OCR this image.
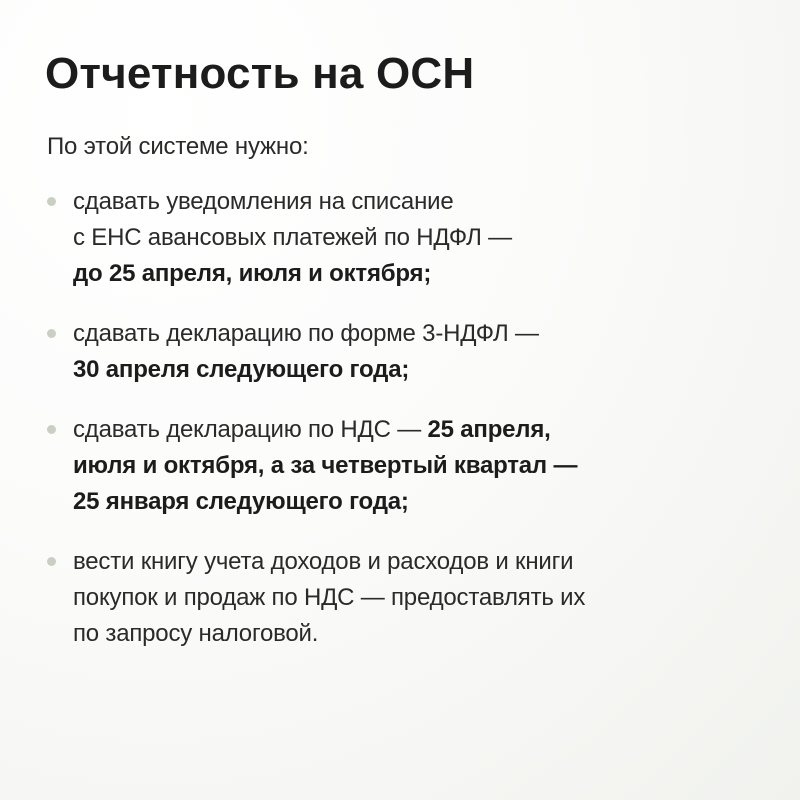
Отчетность на ОСН

По этой системе нужно:

сдавать уведомления на списание
с ЕНС авансовых платежей по НДФЛ —
до 25 апреля, июля и октября;
сдавать декларацию по форме 3-НДФЛ —
30 апреля следующего года;
сдавать декларацию по НДС — 25 апреля,
июля и октября, а за четвертый квартал —
25 января следующего года;
вести книгу учета доходов и расходов и книги
покупок и продаж по НДС — предоставлять их
по запросу налоговой.
